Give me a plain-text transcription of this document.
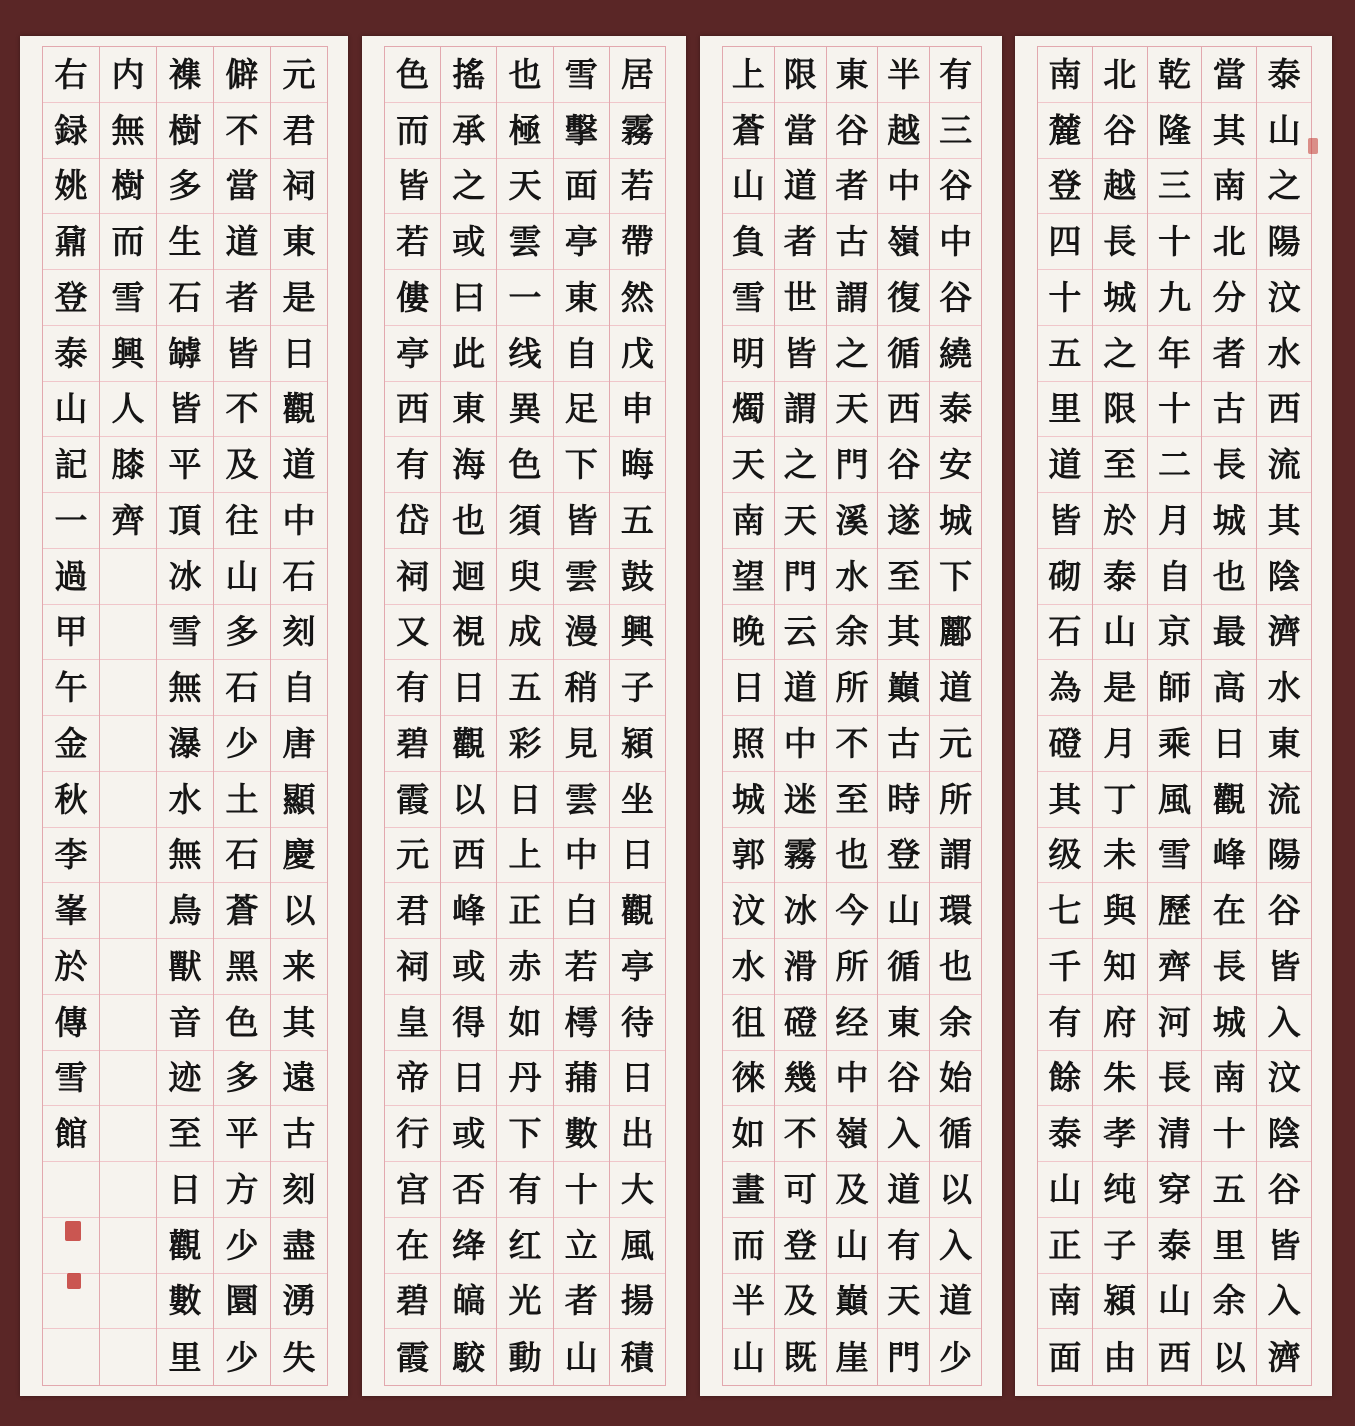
元
君
祠
東
是
日
觀
道
中
石
刻
自
唐
顯
慶
以
来
其
遠
古
刻
盡
湧
失
僻
不
當
道
者
皆
不
及
往
山
多
石
少
土
石
蒼
黑
色
多
平
方
少
圜
少
襍
樹
多
生
石
罅
皆
平
頂
冰
雪
無
瀑
水
無
鳥
獸
音
迹
至
日
觀
數
里
内
無
樹
而
雪
興
人
膝
齊
右
録
姚
鼐
登
泰
山
記
一
過
甲
午
金
秋
李
峯
於
傳
雪
館
居
霧
若
帶
然
戊
申
晦
五
鼓
興
子
潁
坐
日
觀
亭
待
日
出
大
風
揚
積
雪
擊
面
亭
東
自
足
下
皆
雲
漫
稍
見
雲
中
白
若
樗
蒱
數
十
立
者
山
也
極
天
雲
一
线
異
色
須
臾
成
五
彩
日
上
正
赤
如
丹
下
有
红
光
動
搖
承
之
或
曰
此
東
海
也
迴
視
日
觀
以
西
峰
或
得
日
或
否
绛
皜
駮
色
而
皆
若
僂
亭
西
有
岱
祠
又
有
碧
霞
元
君
祠
皇
帝
行
宫
在
碧
霞
有
三
谷
中
谷
繞
泰
安
城
下
酈
道
元
所
謂
環
也
余
始
循
以
入
道
少
半
越
中
嶺
復
循
西
谷
遂
至
其
巔
古
時
登
山
循
東
谷
入
道
有
天
門
東
谷
者
古
謂
之
天
門
溪
水
余
所
不
至
也
今
所
经
中
嶺
及
山
巔
崖
限
當
道
者
世
皆
謂
之
天
門
云
道
中
迷
霧
冰
滑
磴
幾
不
可
登
及
既
上
蒼
山
負
雪
明
燭
天
南
望
晚
日
照
城
郭
汶
水
徂
徠
如
畫
而
半
山
泰
山
之
陽
汶
水
西
流
其
陰
濟
水
東
流
陽
谷
皆
入
汶
陰
谷
皆
入
濟
當
其
南
北
分
者
古
長
城
也
最
高
日
觀
峰
在
長
城
南
十
五
里
余
以
乾
隆
三
十
九
年
十
二
月
自
京
師
乘
風
雪
歷
齊
河
長
清
穿
泰
山
西
北
谷
越
長
城
之
限
至
於
泰
山
是
月
丁
未
與
知
府
朱
孝
纯
子
潁
由
南
麓
登
四
十
五
里
道
皆
砌
石
為
磴
其
级
七
千
有
餘
泰
山
正
南
面
